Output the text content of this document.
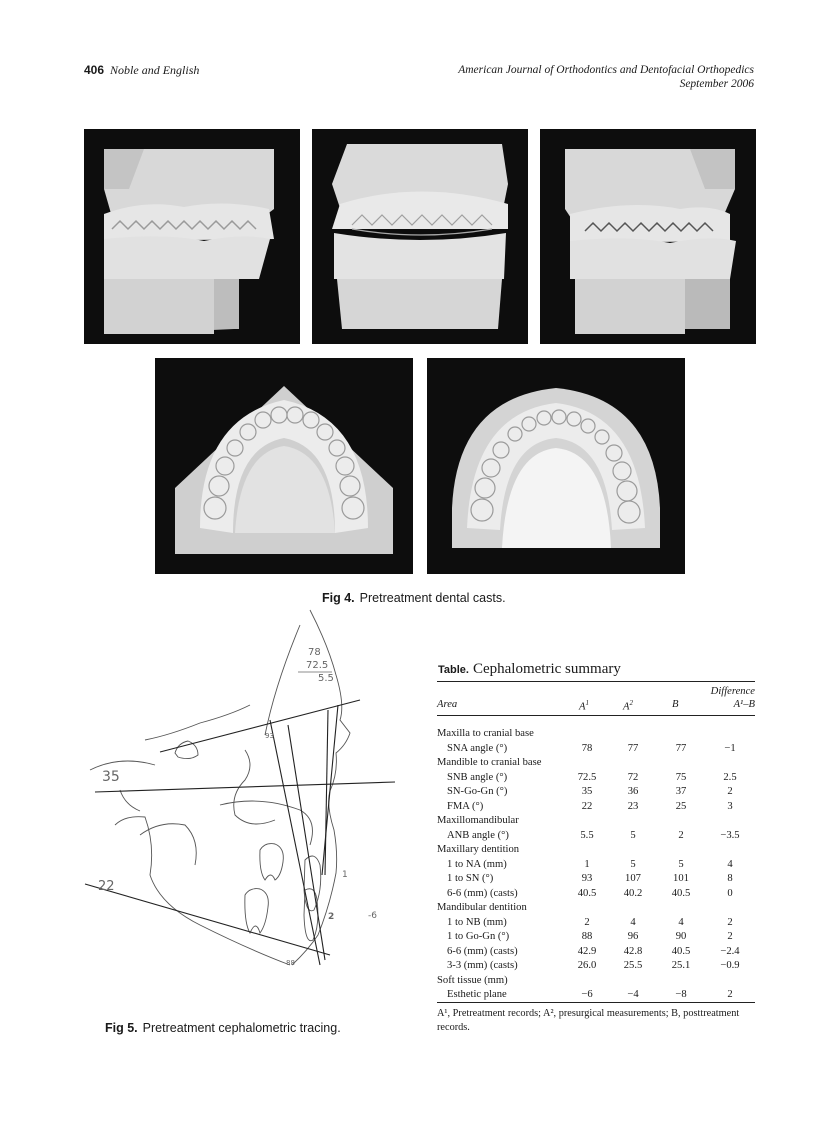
406 Noble and English	American Journal of Orthodontics and Dentofacial Orthopedics
September 2006
Fig 4. Pretreatment dental casts.
78
72.5
5.5
35
22
93
88
1
2	-6
Fig 5. Pretreatment cephalometric tracing.
Table. Cephalometric summary
Area	$A^1$	$A^2$	B
Difference
A¹–B
Maxilla to cranial base				
SNA angle (°)	78	77	77	−1
Mandible to cranial base				
SNB angle (°)	72.5	72	75	2.5
SN-Go-Gn (°)	35	36	37	2
FMA (°)	22	23	25	3
Maxillomandibular				
ANB angle (°)	5.5	5	2	−3.5
Maxillary dentition				
1 to NA (mm)	1	5	5	4
1 to SN (°)	93	107	101	8
6-6 (mm) (casts)	40.5	40.2	40.5	0
Mandibular dentition				
1 to NB (mm)	2	4	4	2
1 to Go-Gn (°)	88	96	90	2
6-6 (mm) (casts)	42.9	42.8	40.5	−2.4
3-3 (mm) (casts)	26.0	25.5	25.1	−0.9
Soft tissue (mm)				
Esthetic plane	−6	−4	−8	2
A¹, Pretreatment records; A², presurgical measurements; B, posttreatment records.
